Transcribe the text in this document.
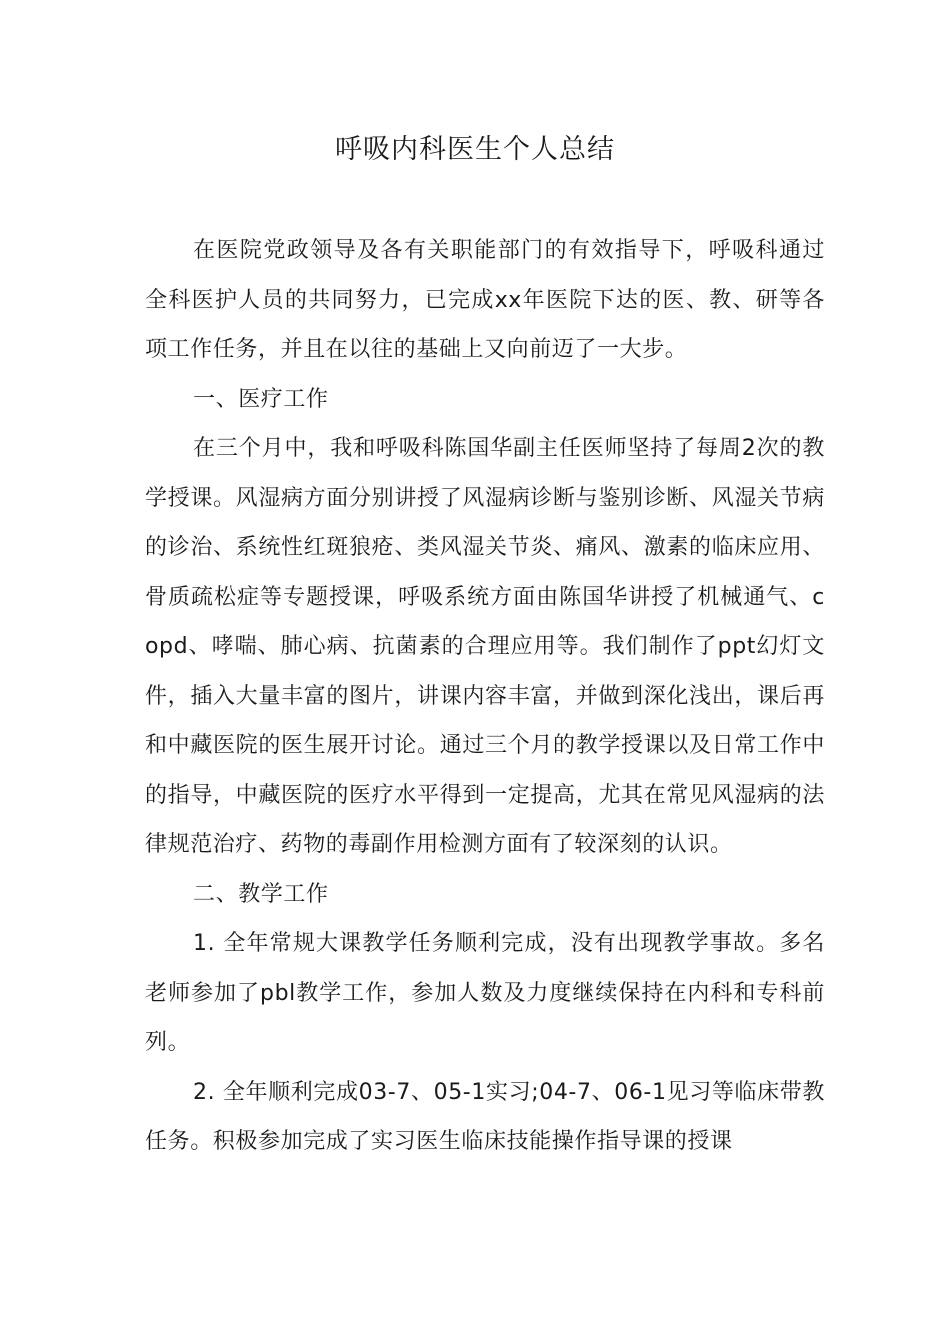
呼吸内科医生个人总结

在医院党政领导及各有关职能部门的有效指导下，呼吸科通过全科医护人员的共同努力，已完成xx年医院下达的医、教、研等各项工作任务，并且在以往的基础上又向前迈了一大步。

一、医疗工作

在三个月中，我和呼吸科陈国华副主任医师坚持了每周2次的教学授课。风湿病方面分别讲授了风湿病诊断与鉴别诊断、风湿关节病的诊治、系统性红斑狼疮、类风湿关节炎、痛风、激素的临床应用、骨质疏松症等专题授课，呼吸系统方面由陈国华讲授了机械通气、copd、哮喘、肺心病、抗菌素的合理应用等。我们制作了ppt幻灯文件，插入大量丰富的图片，讲课内容丰富，并做到深化浅出，课后再和中藏医院的医生展开讨论。通过三个月的教学授课以及日常工作中的指导，中藏医院的医疗水平得到一定提高，尤其在常见风湿病的法律规范治疗、药物的毒副作用检测方面有了较深刻的认识。

二、教学工作

1. 全年常规大课教学任务顺利完成，没有出现教学事故。多名老师参加了pbl教学工作，参加人数及力度继续保持在内科和专科前列。

2. 全年顺利完成03-7、05-1实习;04-7、06-1见习等临床带教任务。积极参加完成了实习医生临床技能操作指导课的授课
